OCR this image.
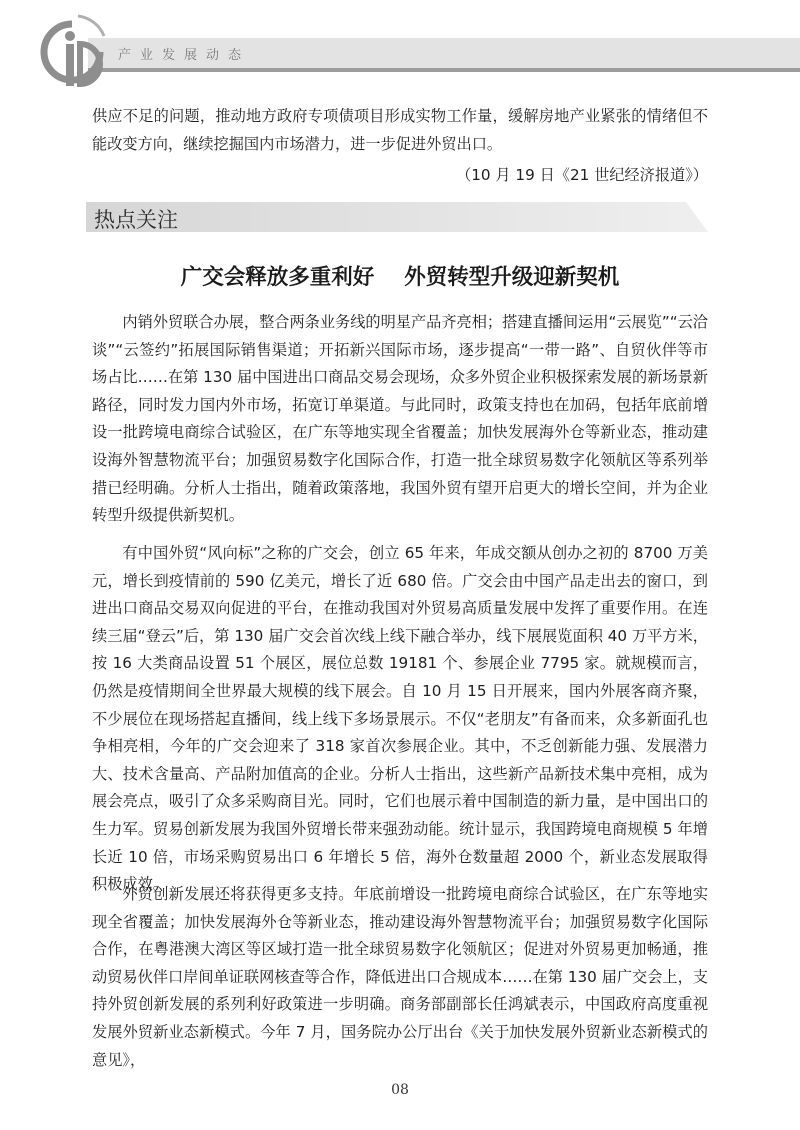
产业发展动态

供应不足的问题，推动地方政府专项债项目形成实物工作量，缓解房地产业紧张的情绪但不能改变方向，继续挖掘国内市场潜力，进一步促进外贸出口。

（10 月 19 日《21 世纪经济报道》）
热点关注
广交会释放多重利好    外贸转型升级迎新契机

内销外贸联合办展，整合两条业务线的明星产品齐亮相；搭建直播间运用“云展览”“云洽谈”“云签约”拓展国际销售渠道；开拓新兴国际市场，逐步提高“一带一路”、自贸伙伴等市场占比……在第 130 届中国进出口商品交易会现场，众多外贸企业积极探索发展的新场景新路径，同时发力国内外市场，拓宽订单渠道。与此同时，政策支持也在加码，包括年底前增设一批跨境电商综合试验区，在广东等地实现全省覆盖；加快发展海外仓等新业态，推动建设海外智慧物流平台；加强贸易数字化国际合作，打造一批全球贸易数字化领航区等系列举措已经明确。分析人士指出，随着政策落地，我国外贸有望开启更大的增长空间，并为企业转型升级提供新契机。

有中国外贸“风向标”之称的广交会，创立 65 年来，年成交额从创办之初的 8700 万美元，增长到疫情前的 590 亿美元，增长了近 680 倍。广交会由中国产品走出去的窗口，到进出口商品交易双向促进的平台，在推动我国对外贸易高质量发展中发挥了重要作用。在连续三届“登云”后，第 130 届广交会首次线上线下融合举办，线下展展览面积 40 万平方米，按 16 大类商品设置 51 个展区，展位总数 19181 个、参展企业 7795 家。就规模而言，仍然是疫情期间全世界最大规模的线下展会。自 10 月 15 日开展来，国内外展客商齐聚，不少展位在现场搭起直播间，线上线下多场景展示。不仅“老朋友”有备而来，众多新面孔也争相亮相，今年的广交会迎来了 318 家首次参展企业。其中，不乏创新能力强、发展潜力大、技术含量高、产品附加值高的企业。分析人士指出，这些新产品新技术集中亮相，成为展会亮点，吸引了众多采购商目光。同时，它们也展示着中国制造的新力量，是中国出口的生力军。贸易创新发展为我国外贸增长带来强劲动能。统计显示，我国跨境电商规模 5 年增长近 10 倍，市场采购贸易出口 6 年增长 5 倍，海外仓数量超 2000 个，新业态发展取得积极成效。

外贸创新发展还将获得更多支持。年底前增设一批跨境电商综合试验区，在广东等地实现全省覆盖；加快发展海外仓等新业态，推动建设海外智慧物流平台；加强贸易数字化国际合作，在粤港澳大湾区等区域打造一批全球贸易数字化领航区；促进对外贸易更加畅通，推动贸易伙伴口岸间单证联网核查等合作，降低进出口合规成本……在第 130 届广交会上，支持外贸创新发展的系列利好政策进一步明确。商务部副部长任鸿斌表示，中国政府高度重视发展外贸新业态新模式。今年 7 月，国务院办公厅出台《关于加快发展外贸新业态新模式的意见》，

08
